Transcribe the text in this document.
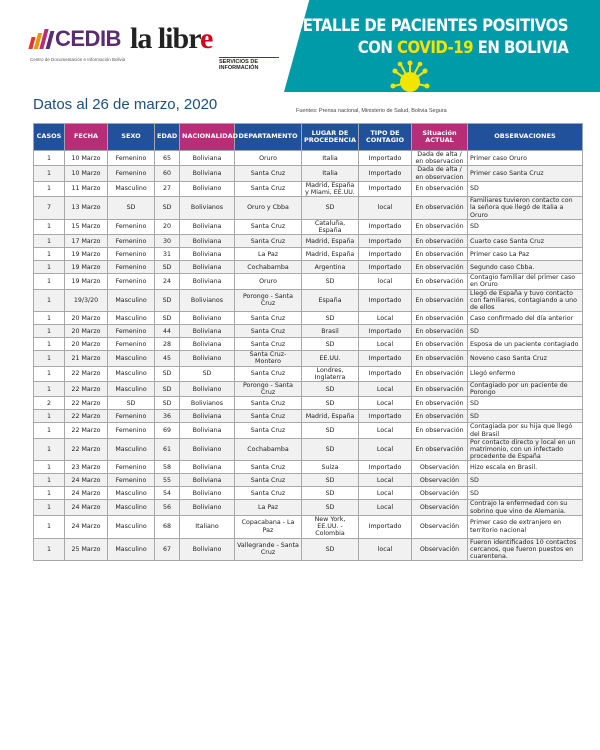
CEDIB
Centro de Documentación e Información Bolivia
la libre
SERVICIOS DE INFORMACIÓN
DETALLE DE PACIENTES POSITIVOS
CON COVID-19 EN BOLIVIA
Datos al 26 de marzo, 2020	Fuentes: Prensa nacional, Ministerio de Salud, Bolivia Segura
CASOS	FECHA	SEXO	EDAD	NACIONALIDAD	DEPARTAMENTO	LUGAR DE PROCEDENCIA	TIPO DE CONTAGIO	Situación ACTUAL	OBSERVACIONES
1	10 Marzo	Femenino	65	Boliviana	Oruro	Italia	Importado	Dada de alta / en observacion	Primer caso Oruro
1	10 Marzo	Femenino	60	Boliviana	Santa Cruz	Italia	Importado	Dada de alta / en observacion	Primer caso Santa Cruz
1	11 Marzo	Masculino	27	Boliviano	Santa Cruz	Madrid, España y Miami, EE.UU.	Importado	En observación	SD
7	13 Marzo	SD	SD	Bolivianos	Oruro y Cbba	SD	local	En observación	Familiares tuvieron contacto con la señora que llegó de Italia a Oruro
1	15 Marzo	Femenino	20	Boliviana	Santa Cruz	Cataluña, España	Importado	En observación	SD
1	17 Marzo	Femenino	30	Boliviana	Santa Cruz	Madrid, España	Importado	En observación	Cuarto caso Santa Cruz
1	19 Marzo	Femenino	31	Boliviana	La Paz	Madrid, España	Importado	En observación	Primer caso La Paz
1	19 Marzo	Femenino	SD	Boliviana	Cochabamba	Argentina	Importado	En observación	Segundo caso Cbba.
1	19 Marzo	Femenino	24	Boliviana	Oruro	SD	local	En observación	Contagio familiar del primer caso en Oruro
1	19/3/20	Masculino	SD	Bolivianos	Porongo - Santa Cruz	España	Importado	En observación	Llegó de España y tuvo contacto con familiares, contagiando a uno de ellos
1	20 Marzo	Masculino	SD	Boliviano	Santa Cruz	SD	Local	En observación	Caso confirmado del día anterior
1	20 Marzo	Femenino	44	Boliviana	Santa Cruz	Brasil	Importado	En observación	SD
1	20 Marzo	Femenino	28	Boliviana	Santa Cruz	SD	Local	En observación	Esposa de un paciente contagiado
1	21 Marzo	Masculino	45	Boliviano	Santa Cruz-Montero	EE.UU.	Importado	En observación	Noveno caso Santa Cruz
1	22 Marzo	Masculino	SD	SD	Santa Cruz	Londres, Inglaterra	Importado	En observación	Llegó enfermo
1	22 Marzo	Masculino	SD	Boliviano	Porongo - Santa Cruz	SD	Local	En observación	Contagiado por un paciente de Porongo
2	22 Marzo	SD	SD	Bolivianos	Santa Cruz	SD	Local	En observación	SD
1	22 Marzo	Femenino	36	Boliviana	Santa Cruz	Madrid, España	Importado	En observación	SD
1	22 Marzo	Femenino	69	Boliviana	Santa Cruz	SD	Local	En observación	Contagiada por su hija que llegó del Brasil
1	22 Marzo	Masculino	61	Boliviano	Cochabamba	SD	Local	En observación	Por contacto directo y local en un matrimonio, con un infectado procedente de España
1	23 Marzo	Femenino	58	Boliviana	Santa Cruz	Suiza	Importado	Observación	Hizo escala en Brasil.
1	24 Marzo	Femenino	55	Boliviana	Santa Cruz	SD	Local	Observación	SD
1	24 Marzo	Masculino	54	Boliviano	Santa Cruz	SD	Local	Observación	SD
1	24 Marzo	Masculino	56	Boliviano	La Paz	SD	Local	Observación	Contrajo la enfermedad con su sobrino que vino de Alemania.
1	24 Marzo	Masculino	68	Italiano	Copacabana - La Paz	New York, EE.UU. - Colombia	Importado	Observación	Primer caso de extranjero en territorio nacional
1	25 Marzo	Masculino	67	Boliviano	Vallegrande - Santa Cruz	SD	local	Observación	Fueron identificados 10 contactos cercanos, que fueron puestos en cuarentena.
